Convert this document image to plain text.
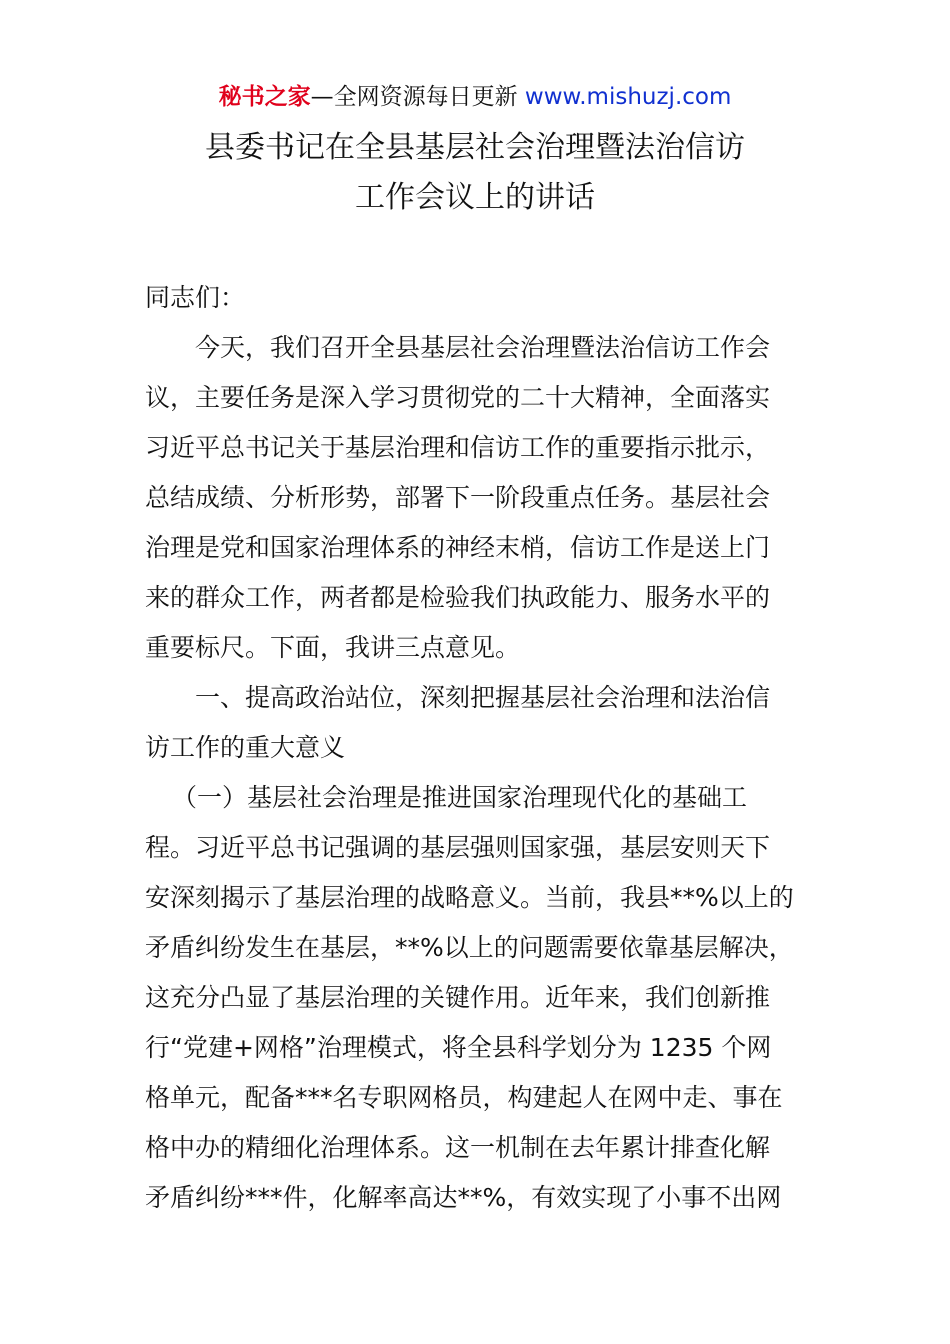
秘书之家—全网资源每日更新 www.mishuzj.com
县委书记在全县基层社会治理暨法治信访
工作会议上的讲话
同志们：
今天，我们召开全县基层社会治理暨法治信访工作会
议，主要任务是深入学习贯彻党的二十大精神，全面落实
习近平总书记关于基层治理和信访工作的重要指示批示，
总结成绩、分析形势，部署下一阶段重点任务。基层社会
治理是党和国家治理体系的神经末梢，信访工作是送上门
来的群众工作，两者都是检验我们执政能力、服务水平的
重要标尺。下面，我讲三点意见。
一、提高政治站位，深刻把握基层社会治理和法治信
访工作的重大意义
（一）基层社会治理是推进国家治理现代化的基础工
程。习近平总书记强调的基层强则国家强，基层安则天下
安深刻揭示了基层治理的战略意义。当前，我县**%以上的
矛盾纠纷发生在基层，**%以上的问题需要依靠基层解决，
这充分凸显了基层治理的关键作用。近年来，我们创新推
行“党建+网格”治理模式，将全县科学划分为 1235 个网
格单元，配备***名专职网格员，构建起人在网中走、事在
格中办的精细化治理体系。这一机制在去年累计排查化解
矛盾纠纷***件，化解率高达**%，有效实现了小事不出网
